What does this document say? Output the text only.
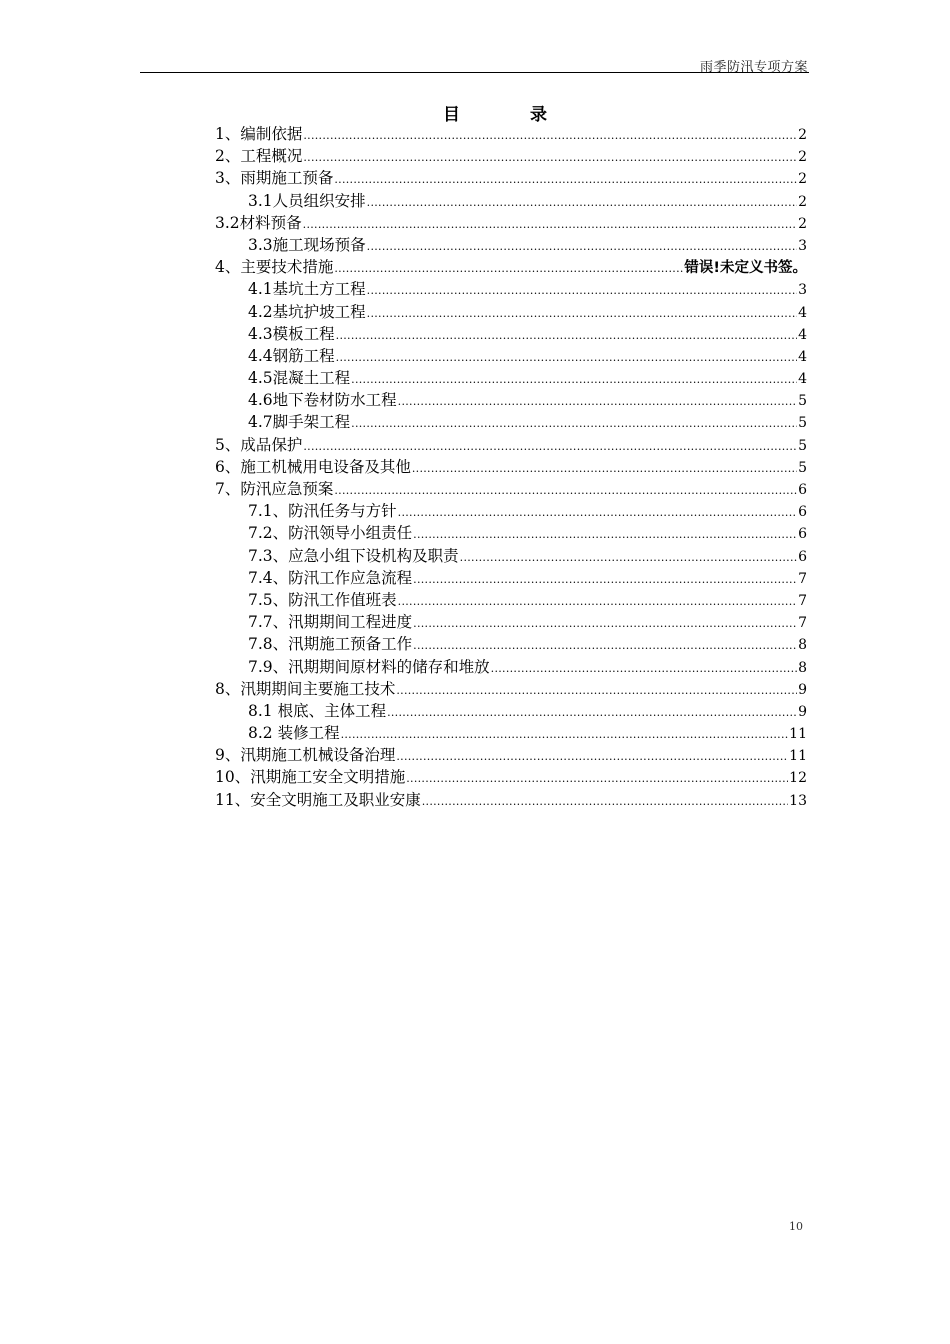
雨季防汛专项方案
目	录
1、编制依据 .....	2
2、工程概况 .....	2
3、雨期施工预备 .....	2
3.1人员组织安排 .....	2
3.2材料预备 .....	2
3.3施工现场预备 .....	3
4、主要技术措施 .....	错误!未定义书签。
4.1基坑土方工程 .....	3
4.2基坑护坡工程 .....	4
4.3模板工程 .....	4
4.4钢筋工程 .....	4
4.5混凝土工程 .....	4
4.6地下卷材防水工程 .....	5
4.7脚手架工程 .....	5
5、成品保护 .....	5
6、施工机械用电设备及其他 .....	5
7、防汛应急预案 .....	6
7.1、防汛任务与方针 .....	6
7.2、防汛领导小组责任 .....	6
7.3、应急小组下设机构及职责 .....	6
7.4、防汛工作应急流程 .....	7
7.5、防汛工作值班表 .....	7
7.7、汛期期间工程进度 .....	7
7.8、汛期施工预备工作 .....	8
7.9、汛期期间原材料的储存和堆放 .....	8
8、汛期期间主要施工技术 .....	9
8.1 根底、主体工程 .....	9
8.2 装修工程 .....	11
9、汛期施工机械设备治理 .....	11
10、汛期施工安全文明措施 .....	12
11、安全文明施工及职业安康 .....	13
10
